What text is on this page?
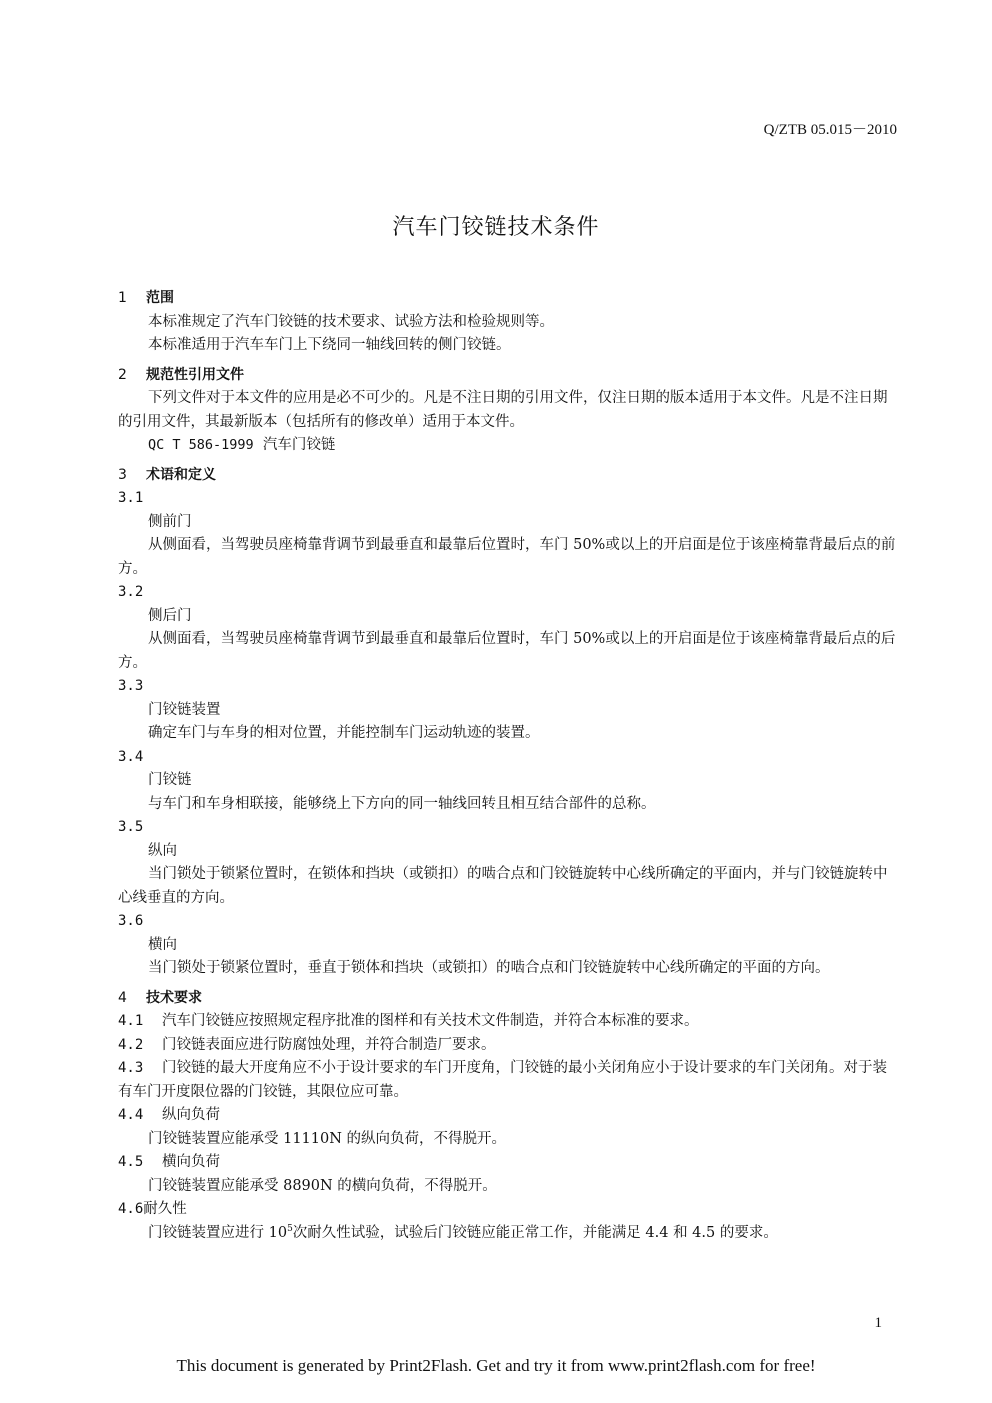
Q/ZTB 05.015－2010
汽车门铰链技术条件
1 范围
本标准规定了汽车门铰链的技术要求、试验方法和检验规则等。
本标准适用于汽车车门上下绕同一轴线回转的侧门铰链。
2 规范性引用文件
下列文件对于本文件的应用是必不可少的。凡是不注日期的引用文件，仅注日期的版本适用于本文件。凡是不注日期的引用文件，其最新版本（包括所有的修改单）适用于本文件。
QC T 586-1999 汽车门铰链
3 术语和定义
3.1
侧前门
从侧面看，当驾驶员座椅靠背调节到最垂直和最靠后位置时，车门 50%或以上的开启面是位于该座椅靠背最后点的前方。
3.2
侧后门
从侧面看，当驾驶员座椅靠背调节到最垂直和最靠后位置时，车门 50%或以上的开启面是位于该座椅靠背最后点的后方。
3.3
门铰链装置
确定车门与车身的相对位置，并能控制车门运动轨迹的装置。
3.4
门铰链
与车门和车身相联接，能够绕上下方向的同一轴线回转且相互结合部件的总称。
3.5
纵向
当门锁处于锁紧位置时，在锁体和挡块（或锁扣）的啮合点和门铰链旋转中心线所确定的平面内，并与门铰链旋转中心线垂直的方向。
3.6
横向
当门锁处于锁紧位置时，垂直于锁体和挡块（或锁扣）的啮合点和门铰链旋转中心线所确定的平面的方向。
4 技术要求
4.1 汽车门铰链应按照规定程序批准的图样和有关技术文件制造，并符合本标准的要求。
4.2 门铰链表面应进行防腐蚀处理，并符合制造厂要求。
4.3 门铰链的最大开度角应不小于设计要求的车门开度角，门铰链的最小关闭角应小于设计要求的车门关闭角。对于装有车门开度限位器的门铰链，其限位应可靠。
4.4 纵向负荷
门铰链装置应能承受 11110N 的纵向负荷，不得脱开。
4.5 横向负荷
门铰链装置应能承受 8890N 的横向负荷，不得脱开。
4.6耐久性
门铰链装置应进行 $10^5$次耐久性试验，试验后门铰链应能正常工作，并能满足 4.4 和 4.5 的要求。
1
This document is generated by Print2Flash. Get and try it from www.print2flash.com for free!
